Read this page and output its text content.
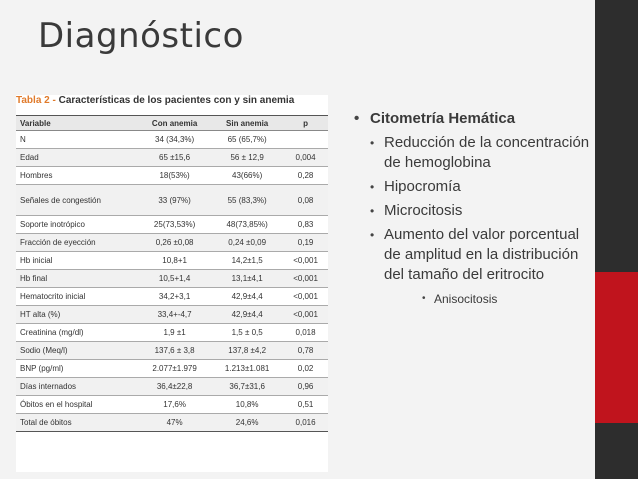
Diagnóstico
Tabla 2 - Características de los pacientes con y sin anemia
Variable	Con anemia	Sin anemia	p
N	34 (34,3%)	65 (65,7%)	
Edad	65 ±15,6	56 ± 12,9	0,004
Hombres	18(53%)	43(66%)	0,28
Señales de congestión	33 (97%)	55 (83,3%)	0,08
Soporte inotrópico	25(73,53%)	48(73,85%)	0,83
Fracción de eyección	0,26 ±0,08	0,24 ±0,09	0,19
Hb inicial	10,8+1	14,2±1,5	<0,001
Hb final	10,5+1,4	13,1±4,1	<0,001
Hematocrito inicial	34,2+3,1	42,9±4,4	<0,001
HT alta (%)	33,4+-4,7	42,9±4,4	<0,001
Creatinina (mg/dl)	1,9 ±1	1,5 ± 0,5	0,018
Sodio (Meq/l)	137,6 ± 3,8	137,8 ±4,2	0,78
BNP (pg/ml)	2.077±1.979	1.213±1.081	0,02
Días internados	36,4±22,8	36,7±31,6	0,96
Óbitos en el hospital	17,6%	10,8%	0,51
Total de óbitos	47%	24,6%	0,016
• Citometría Hemática
• Reducción de la concentración de hemoglobina
• Hipocromía
• Microcitosis
• Aumento del valor porcentual de amplitud en la distribución del tamaño del eritrocito
• Anisocitosis
